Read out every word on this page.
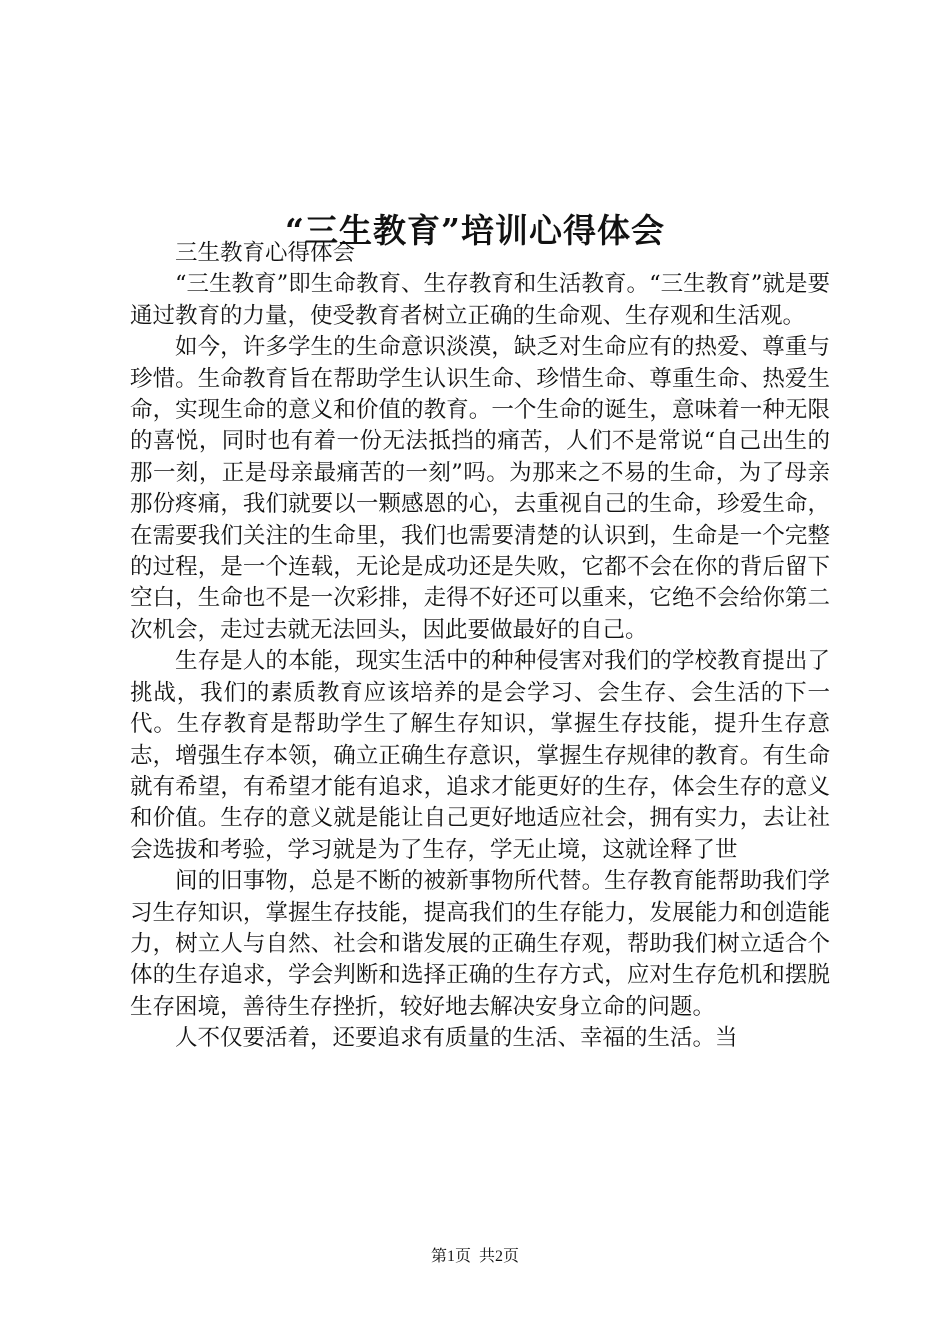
“三生教育”培训心得体会

三生教育心得体会

“三生教育”即生命教育、生存教育和生活教育。“三生教育”就是要通过教育的力量，使受教育者树立正确的生命观、生存观和生活观。

如今，许多学生的生命意识淡漠，缺乏对生命应有的热爱、尊重与珍惜。生命教育旨在帮助学生认识生命、珍惜生命、尊重生命、热爱生命，实现生命的意义和价值的教育。一个生命的诞生，意味着一种无限的喜悦，同时也有着一份无法抵挡的痛苦，人们不是常说“自己出生的那一刻，正是母亲最痛苦的一刻”吗。为那来之不易的生命，为了母亲那份疼痛，我们就要以一颗感恩的心，去重视自己的生命，珍爱生命，在需要我们关注的生命里，我们也需要清楚的认识到，生命是一个完整的过程，是一个连载，无论是成功还是失败，它都不会在你的背后留下空白，生命也不是一次彩排，走得不好还可以重来，它绝不会给你第二次机会，走过去就无法回头，因此要做最好的自己。

生存是人的本能，现实生活中的种种侵害对我们的学校教育提出了挑战，我们的素质教育应该培养的是会学习、会生存、会生活的下一代。生存教育是帮助学生了解生存知识，掌握生存技能，提升生存意志，增强生存本领，确立正确生存意识，掌握生存规律的教育。有生命就有希望，有希望才能有追求，追求才能更好的生存，体会生存的意义和价值。生存的意义就是能让自己更好地适应社会，拥有实力，去让社会选拔和考验，学习就是为了生存，学无止境，这就诠释了世

间的旧事物，总是不断的被新事物所代替。生存教育能帮助我们学习生存知识，掌握生存技能，提高我们的生存能力，发展能力和创造能力，树立人与自然、社会和谐发展的正确生存观，帮助我们树立适合个体的生存追求，学会判断和选择正确的生存方式，应对生存危机和摆脱生存困境，善待生存挫折，较好地去解决安身立命的问题。

人不仅要活着，还要追求有质量的生活、幸福的生活。当

第1页  共2页
